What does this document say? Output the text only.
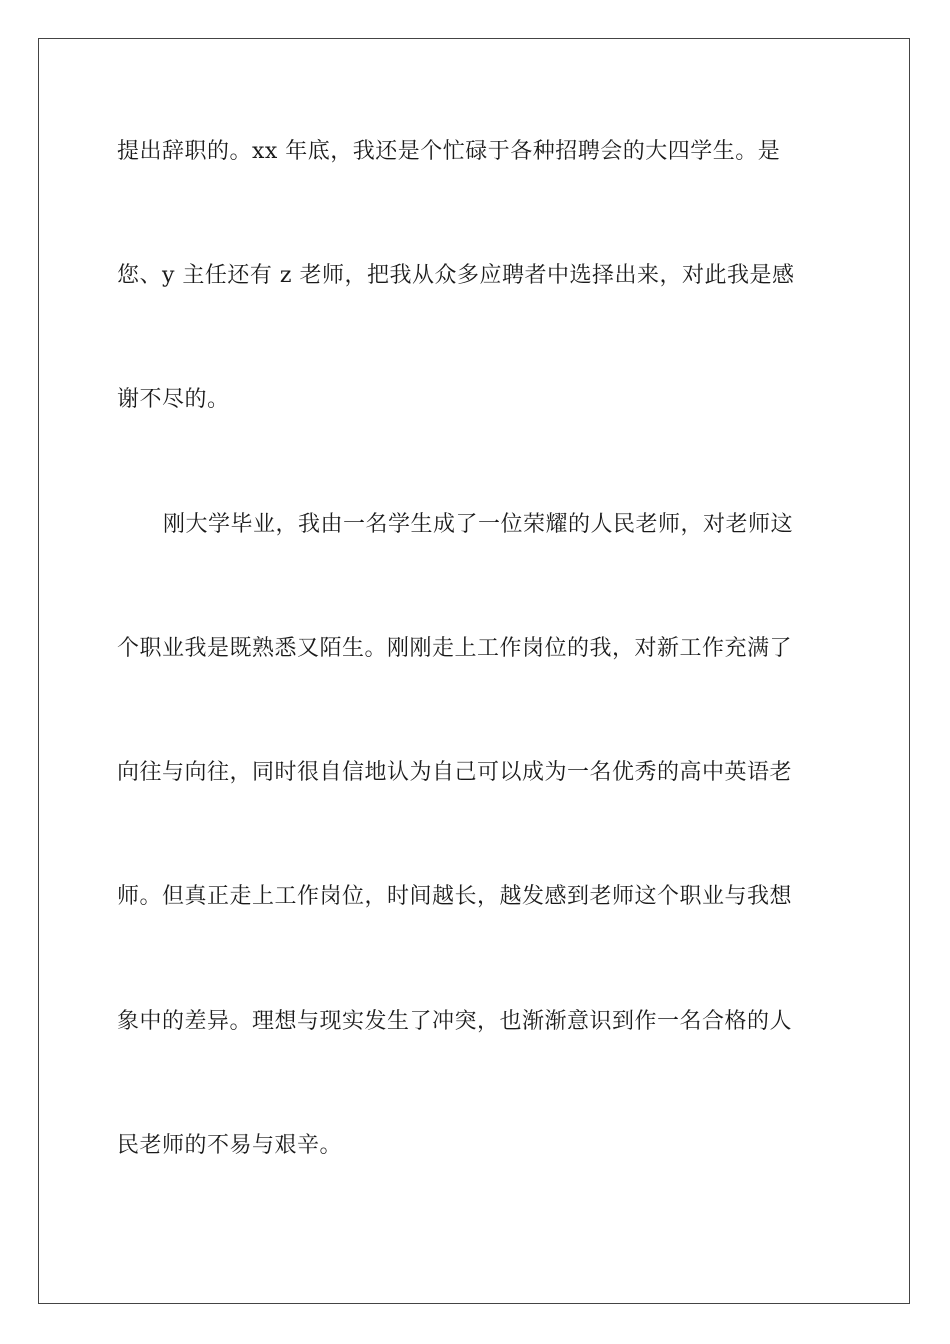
提出辞职的。xx 年底，我还是个忙碌于各种招聘会的大四学生。是
您、y 主任还有 z 老师，把我从众多应聘者中选择出来，对此我是感
谢不尽的。
刚大学毕业，我由一名学生成了一位荣耀的人民老师，对老师这
个职业我是既熟悉又陌生。刚刚走上工作岗位的我，对新工作充满了
向往与向往，同时很自信地认为自己可以成为一名优秀的高中英语老
师。但真正走上工作岗位，时间越长，越发感到老师这个职业与我想
象中的差异。理想与现实发生了冲突，也渐渐意识到作一名合格的人
民老师的不易与艰辛。
